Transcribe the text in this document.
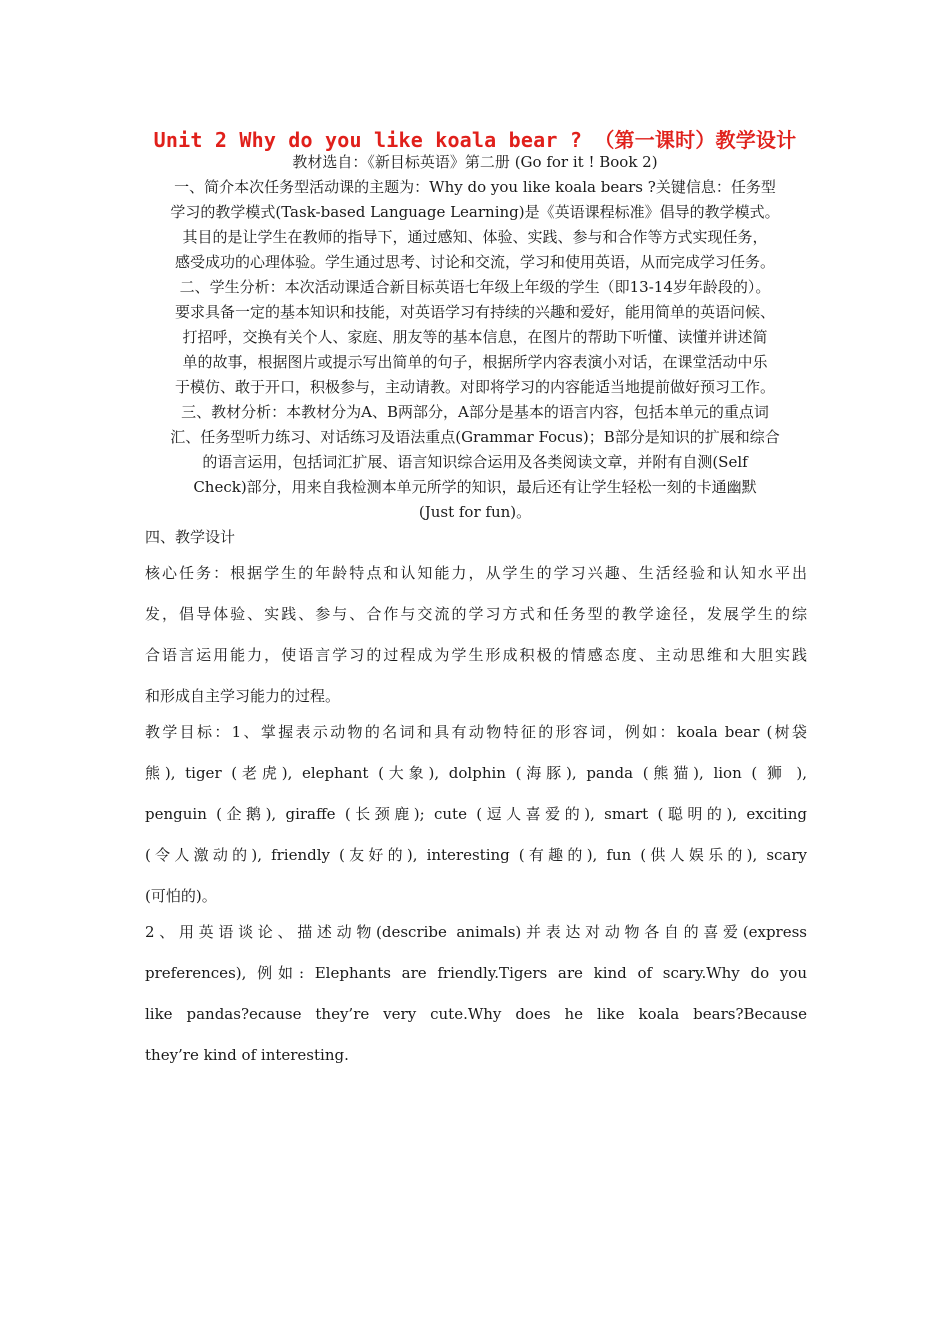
Unit 2 Why do you like koala bear ? （第一课时）教学设计
教材选自：《新目标英语》第二册 (Go for it ! Book 2)
一、简介本次任务型活动课的主题为：Why do you like koala bears ?关键信息：任务型
学习的教学模式(Task-based Language Learning)是《英语课程标准》倡导的教学模式。
其目的是让学生在教师的指导下，通过感知、体验、实践、参与和合作等方式实现任务，
感受成功的心理体验。学生通过思考、讨论和交流，学习和使用英语，从而完成学习任务。
二、学生分析：本次活动课适合新目标英语七年级上年级的学生（即13-14岁年龄段的）。
要求具备一定的基本知识和技能，对英语学习有持续的兴趣和爱好，能用简单的英语问候、
打招呼，交换有关个人、家庭、朋友等的基本信息，在图片的帮助下听懂、读懂并讲述简
单的故事，根据图片或提示写出简单的句子，根据所学内容表演小对话，在课堂活动中乐
于模仿、敢于开口，积极参与，主动请教。对即将学习的内容能适当地提前做好预习工作。
三、教材分析：本教材分为A、B两部分，A部分是基本的语言内容，包括本单元的重点词
汇、任务型听力练习、对话练习及语法重点(Grammar Focus)；B部分是知识的扩展和综合
的语言运用，包括词汇扩展、语言知识综合运用及各类阅读文章，并附有自测(Self
Check)部分，用来自我检测本单元所学的知识，最后还有让学生轻松一刻的卡通幽默
(Just for fun)。
四、教学设计
核心任务：根据学生的年龄特点和认知能力，从学生的学习兴趣、生活经验和认知水平出
发，倡导体验、实践、参与、合作与交流的学习方式和任务型的教学途径，发展学生的综
合语言运用能力，使语言学习的过程成为学生形成积极的情感态度、主动思维和大胆实践
和形成自主学习能力的过程。
教学目标：1、掌握表示动物的名词和具有动物特征的形容词，例如：koala bear (树袋
熊), tiger (老虎), elephant (大象), dolphin (海豚), panda (熊猫), lion ( 狮 ),
penguin (企鹅), giraffe (长颈鹿); cute (逗人喜爱的), smart (聪明的), exciting
(令人激动的), friendly (友好的), interesting (有趣的), fun (供人娱乐的), scary
(可怕的)。
2、用英语谈论、描述动物(describe animals)并表达对动物各自的喜爱(express
preferences), 例如: Elephants are friendly.Tigers are kind of scary.Why do you
like pandas?ecause they’re very cute.Why does he like koala bears?Because
they’re kind of interesting.
